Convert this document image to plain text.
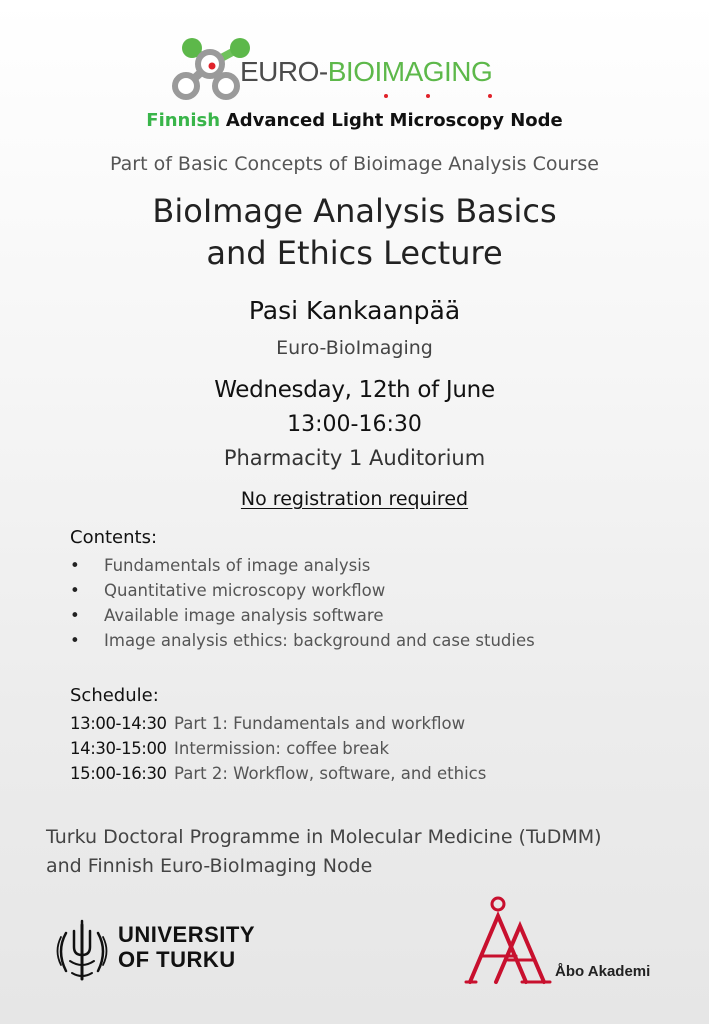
EURO-BIOIMAGING
Finnish Advanced Light Microscopy Node
Part of Basic Concepts of Bioimage Analysis Course
BioImage Analysis Basics
and Ethics Lecture
Pasi Kankaanpää
Euro-BioImaging
Wednesday, 12th of June
13:00-16:30
Pharmacity 1 Auditorium
No registration required
Contents:
• Fundamentals of image analysis
• Quantitative microscopy workflow
• Available image analysis software
• Image analysis ethics: background and case studies
Schedule:
13:00-14:30 Part 1: Fundamentals and workflow
14:30-15:00 Intermission: coffee break
15:00-16:30 Part 2: Workflow, software, and ethics
Turku Doctoral Programme in Molecular Medicine (TuDMM)
and Finnish Euro-BioImaging Node
UNIVERSITY
OF TURKU	Åbo Akademi
